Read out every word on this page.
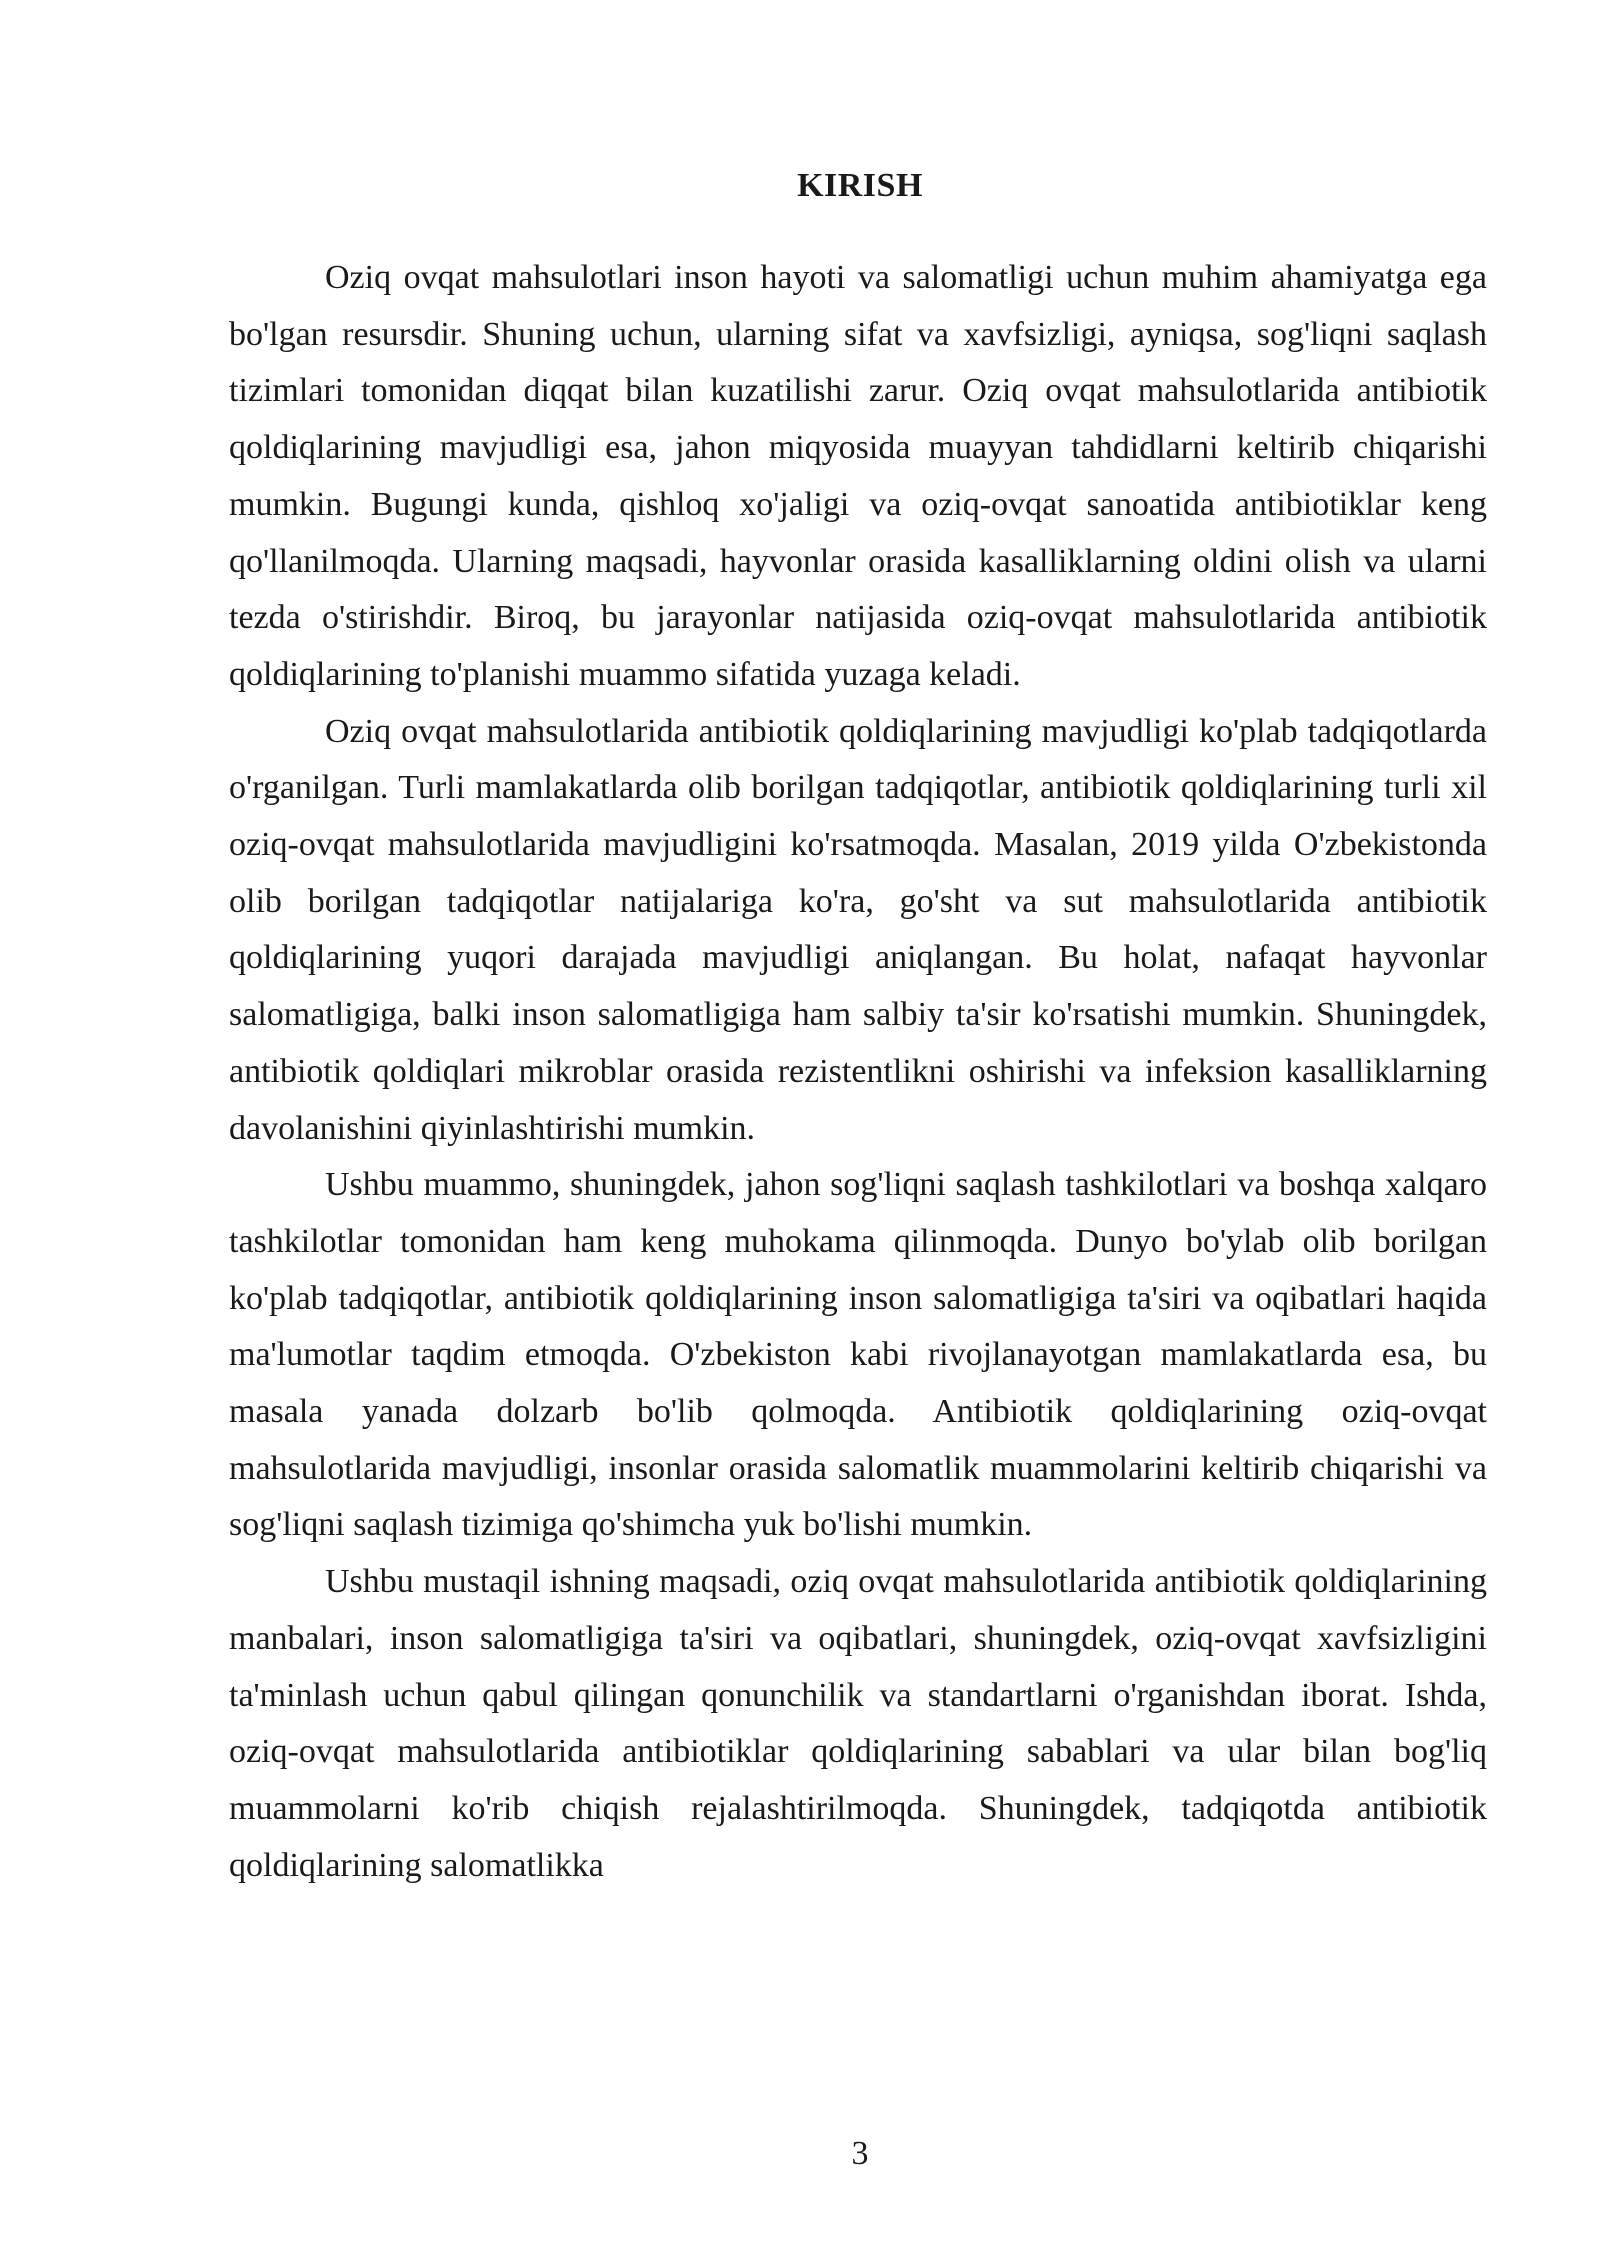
KIRISH

Oziq ovqat mahsulotlari inson hayoti va salomatligi uchun muhim ahamiyatga ega bo'lgan resursdir. Shuning uchun, ularning sifat va xavfsizligi, ayniqsa, sog'liqni saqlash tizimlari tomonidan diqqat bilan kuzatilishi zarur. Oziq ovqat mahsulotlarida antibiotik qoldiqlarining mavjudligi esa, jahon miqyosida muayyan tahdidlarni keltirib chiqarishi mumkin. Bugungi kunda, qishloq xo'jaligi va oziq-ovqat sanoatida antibiotiklar keng qo'llanilmoqda. Ularning maqsadi, hayvonlar orasida kasalliklarning oldini olish va ularni tezda o'stirishdir. Biroq, bu jarayonlar natijasida oziq-ovqat mahsulotlarida antibiotik qoldiqlarining to'planishi muammo sifatida yuzaga keladi.

Oziq ovqat mahsulotlarida antibiotik qoldiqlarining mavjudligi ko'plab tadqiqotlarda o'rganilgan. Turli mamlakatlarda olib borilgan tadqiqotlar, antibiotik qoldiqlarining turli xil oziq-ovqat mahsulotlarida mavjudligini ko'rsatmoqda. Masalan, 2019 yilda O'zbekistonda olib borilgan tadqiqotlar natijalariga ko'ra, go'sht va sut mahsulotlarida antibiotik qoldiqlarining yuqori darajada mavjudligi aniqlangan. Bu holat, nafaqat hayvonlar salomatligiga, balki inson salomatligiga ham salbiy ta'sir ko'rsatishi mumkin. Shuningdek, antibiotik qoldiqlari mikroblar orasida rezistentlikni oshirishi va infeksion kasalliklarning davolanishini qiyinlashtirishi mumkin.

Ushbu muammo, shuningdek, jahon sog'liqni saqlash tashkilotlari va boshqa xalqaro tashkilotlar tomonidan ham keng muhokama qilinmoqda. Dunyo bo'ylab olib borilgan ko'plab tadqiqotlar, antibiotik qoldiqlarining inson salomatligiga ta'siri va oqibatlari haqida ma'lumotlar taqdim etmoqda. O'zbekiston kabi rivojlanayotgan mamlakatlarda esa, bu masala yanada dolzarb bo'lib qolmoqda. Antibiotik qoldiqlarining oziq-ovqat mahsulotlarida mavjudligi, insonlar orasida salomatlik muammolarini keltirib chiqarishi va sog'liqni saqlash tizimiga qo'shimcha yuk bo'lishi mumkin.

Ushbu mustaqil ishning maqsadi, oziq ovqat mahsulotlarida antibiotik qoldiqlarining manbalari, inson salomatligiga ta'siri va oqibatlari, shuningdek, oziq-ovqat xavfsizligini ta'minlash uchun qabul qilingan qonunchilik va standartlarni o'rganishdan iborat. Ishda, oziq-ovqat mahsulotlarida antibiotiklar qoldiqlarining sabablari va ular bilan bog'liq muammolarni ko'rib chiqish rejalashtirilmoqda. Shuningdek, tadqiqotda antibiotik qoldiqlarining salomatlikka

3
